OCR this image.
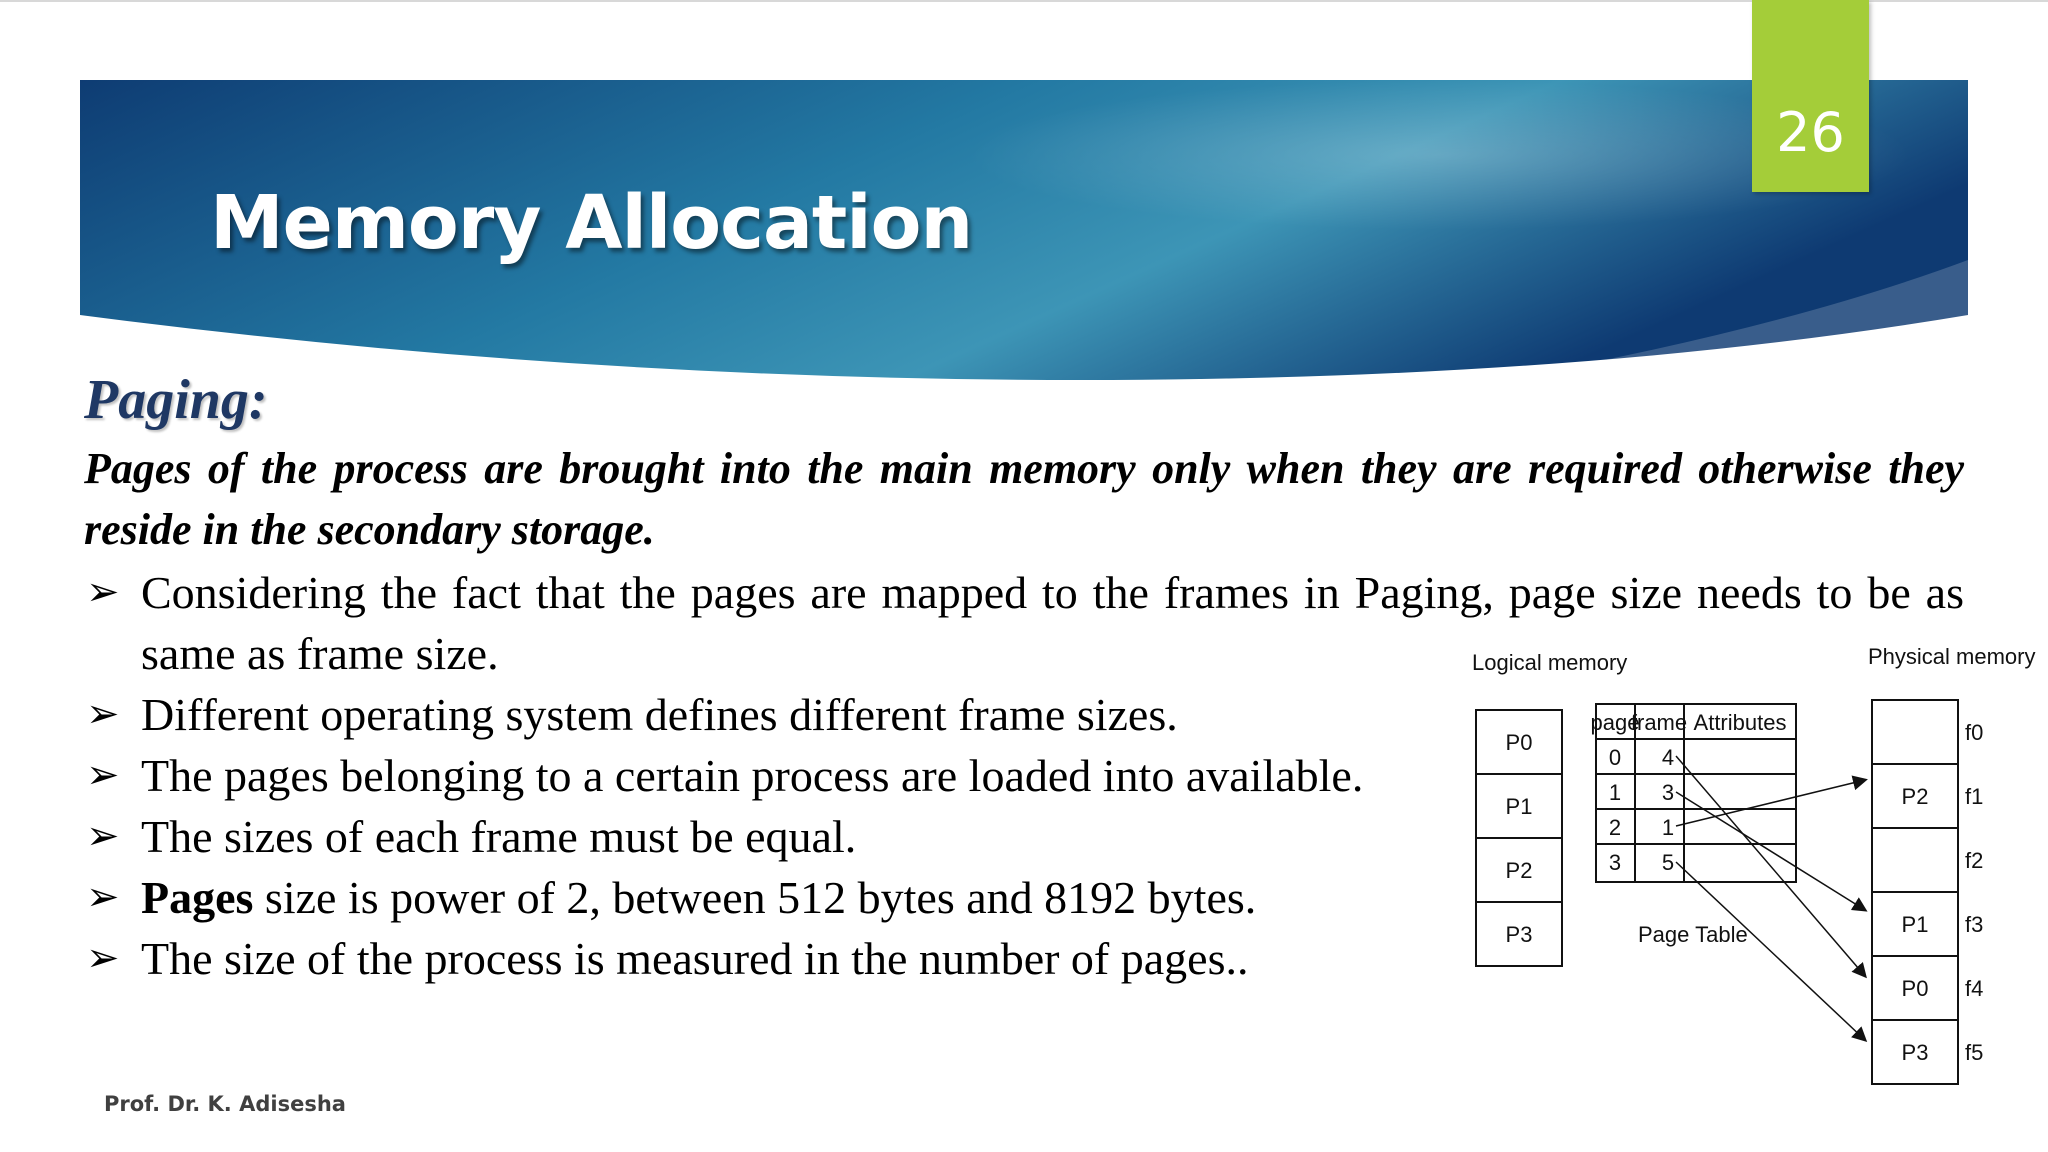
Memory Allocation
26
Paging:

Pages of the process are brought into the main memory only when they are required otherwise they reside in the secondary storage.

➢ Considering the fact that the pages are mapped to the frames in Paging, page size needs to be as same as frame size.
➢ Different operating system defines different frame sizes.
➢ The pages belonging to a certain process are loaded into available.
➢ The sizes of each frame must be equal.
➢ Pages size is power of 2, between 512 bytes and 8192 bytes.
➢ The size of the process is measured in the number of pages..

Prof. Dr. K. Adisesha

Logical memory	Physical memory
Page Table
P0
P1
P2
P3
page
frame Attributes
0 4
1 3
2 1
3 5
P2
P1
P0
P3
f0
f1
f2
f3
f4
f5
